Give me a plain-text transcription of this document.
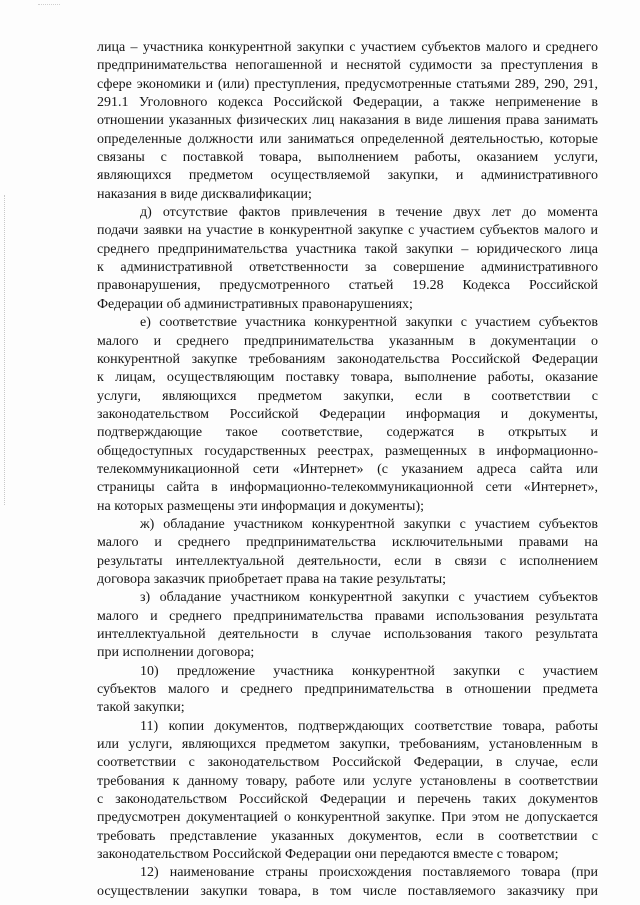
лица – участника конкурентной закупки с участием субъектов малого и среднего
предпринимательства непогашенной и неснятой судимости за преступления в
сфере экономики и (или) преступления, предусмотренные статьями 289, 290, 291,
291.1 Уголовного кодекса Российской Федерации, а также неприменение в
отношении указанных физических лиц наказания в виде лишения права занимать
определенные должности или заниматься определенной деятельностью, которые
связаны с поставкой товара, выполнением работы, оказанием услуги,
являющихся предметом осуществляемой закупки, и административного
наказания в виде дисквалификации;
д) отсутствие фактов привлечения в течение двух лет до момента
подачи заявки на участие в конкурентной закупке с участием субъектов малого и
среднего предпринимательства участника такой закупки – юридического лица
к административной ответственности за совершение административного
правонарушения, предусмотренного статьей 19.28 Кодекса Российской
Федерации об административных правонарушениях;
е) соответствие участника конкурентной закупки с участием субъектов
малого и среднего предпринимательства указанным в документации о
конкурентной закупке требованиям законодательства Российской Федерации
к лицам, осуществляющим поставку товара, выполнение работы, оказание
услуги, являющихся предметом закупки, если в соответствии с
законодательством Российской Федерации информация и документы,
подтверждающие такое соответствие, содержатся в открытых и
общедоступных государственных реестрах, размещенных в информационно-
телекоммуникационной сети «Интернет» (с указанием адреса сайта или
страницы сайта в информационно-телекоммуникационной сети «Интернет»,
на которых размещены эти информация и документы);
ж) обладание участником конкурентной закупки с участием субъектов
малого и среднего предпринимательства исключительными правами на
результаты интеллектуальной деятельности, если в связи с исполнением
договора заказчик приобретает права на такие результаты;
з) обладание участником конкурентной закупки с участием субъектов
малого и среднего предпринимательства правами использования результата
интеллектуальной деятельности в случае использования такого результата
при исполнении договора;
10) предложение участника конкурентной закупки с участием
субъектов малого и среднего предпринимательства в отношении предмета
такой закупки;
11) копии документов, подтверждающих соответствие товара, работы
или услуги, являющихся предметом закупки, требованиям, установленным в
соответствии с законодательством Российской Федерации, в случае, если
требования к данному товару, работе или услуге установлены в соответствии
с законодательством Российской Федерации и перечень таких документов
предусмотрен документацией о конкурентной закупке. При этом не допускается
требовать представление указанных документов, если в соответствии с
законодательством Российской Федерации они передаются вместе с товаром;
12) наименование страны происхождения поставляемого товара (при
осуществлении закупки товара, в том числе поставляемого заказчику при
